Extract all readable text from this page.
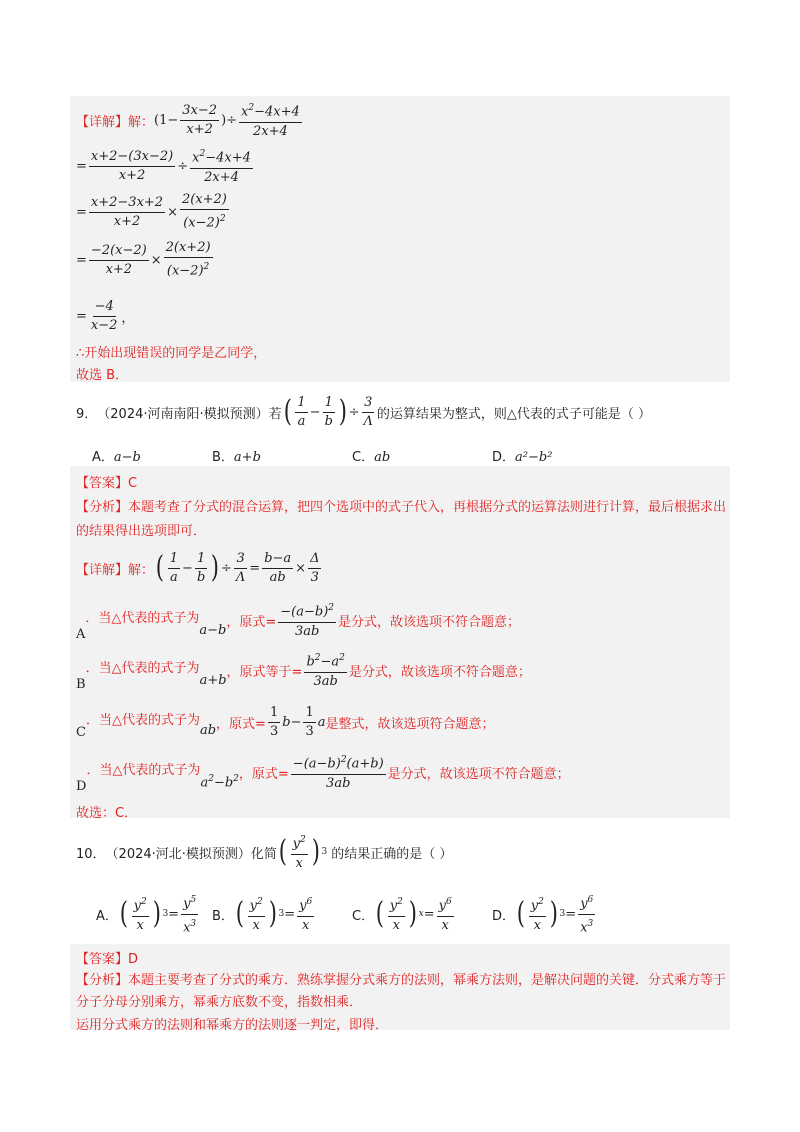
【详解】 解： ($1- \frac{3x-2}{x+2}$ )÷ $\frac{x^2-4x+4}{2x+4}$
= $\frac{x+2-(3x-2)}{x+2} \div \frac{x^2-4x+4}{2x+4}$
= $\frac{x+2-3x+2}{x+2} \times \frac{2(x+2)}{(x-2)^2}$
= $\frac{-2(x-2)}{x+2} \times \frac{2(x+2)}{(x-2)^2}$
= $\frac{-4}{x-2}$ ，
∴开始出现错误的同学是乙同学，
故选 B．
9． （2024·河南南阳·模拟预测） 若 ( $\frac{1}{a} - \frac{1}{b}$ ) ÷ $\frac{3}{\Lambda}$ 的运算结果为整式，则△代表的式子可能是（ ）
A．a−b	B．a+b	C．ab	D．a²−b²
【答案】C
【分析】本题考查了分式的混合运算，把四个选项中的式子代入，再根据分式的运算法则进行计算，最后根据求出的结果得出选项即可．
【详解】 解： ( $\frac{1}{a} - \frac{1}{b}$ ) ÷ $\frac{3}{\Lambda} = \frac{b-a}{ab} \times \frac{\Delta}{3}$
A
．当△代表的式子为
a−b
，原式= $\frac{-(a-b)^2}{3ab}$ 是分式，故该选项不符合题意；
B
．当△代表的式子为
a+b
，原式等于= $\frac{b^2-a^2}{3ab}$ 是分式，故该选项不符合题意；
C
．当△代表的式子为
ab ，原式= $\frac{1}{3}$ $b - \frac{1}{3}$ a 是整式，故该选项符合题意；
D
．当△代表的式子为
$a^2-b^2$ ，原式= $\frac{-(a-b)^2(a+b)}{3ab}$ 是分式，故该选项不符合题意；
故选：C．
10． （2024·河北·模拟预测） 化简 ( $\frac{y^2}{x}$ ) 3 的结果正确的是（ ）
A． ( $\frac{y^2}{x}$ ) $3 = \frac{y^5}{x^3}$ B． ( $\frac{y^2}{x}$ ) $3 = \frac{y^6}{x}$	C． ( $\frac{y^2}{x}$ ) $x = \frac{y^6}{x}$	D． ( $\frac{y^2}{x}$ ) $3 = \frac{y^6}{x^3}$
【答案】D
【分析】本题主要考查了分式的乘方．熟练掌握分式乘方的法则，幂乘方法则，是解决问题的关键．分式乘方等于分子分母分别乘方，幂乘方底数不变，指数相乘．
运用分式乘方的法则和幂乘方的法则逐一判定，即得．
